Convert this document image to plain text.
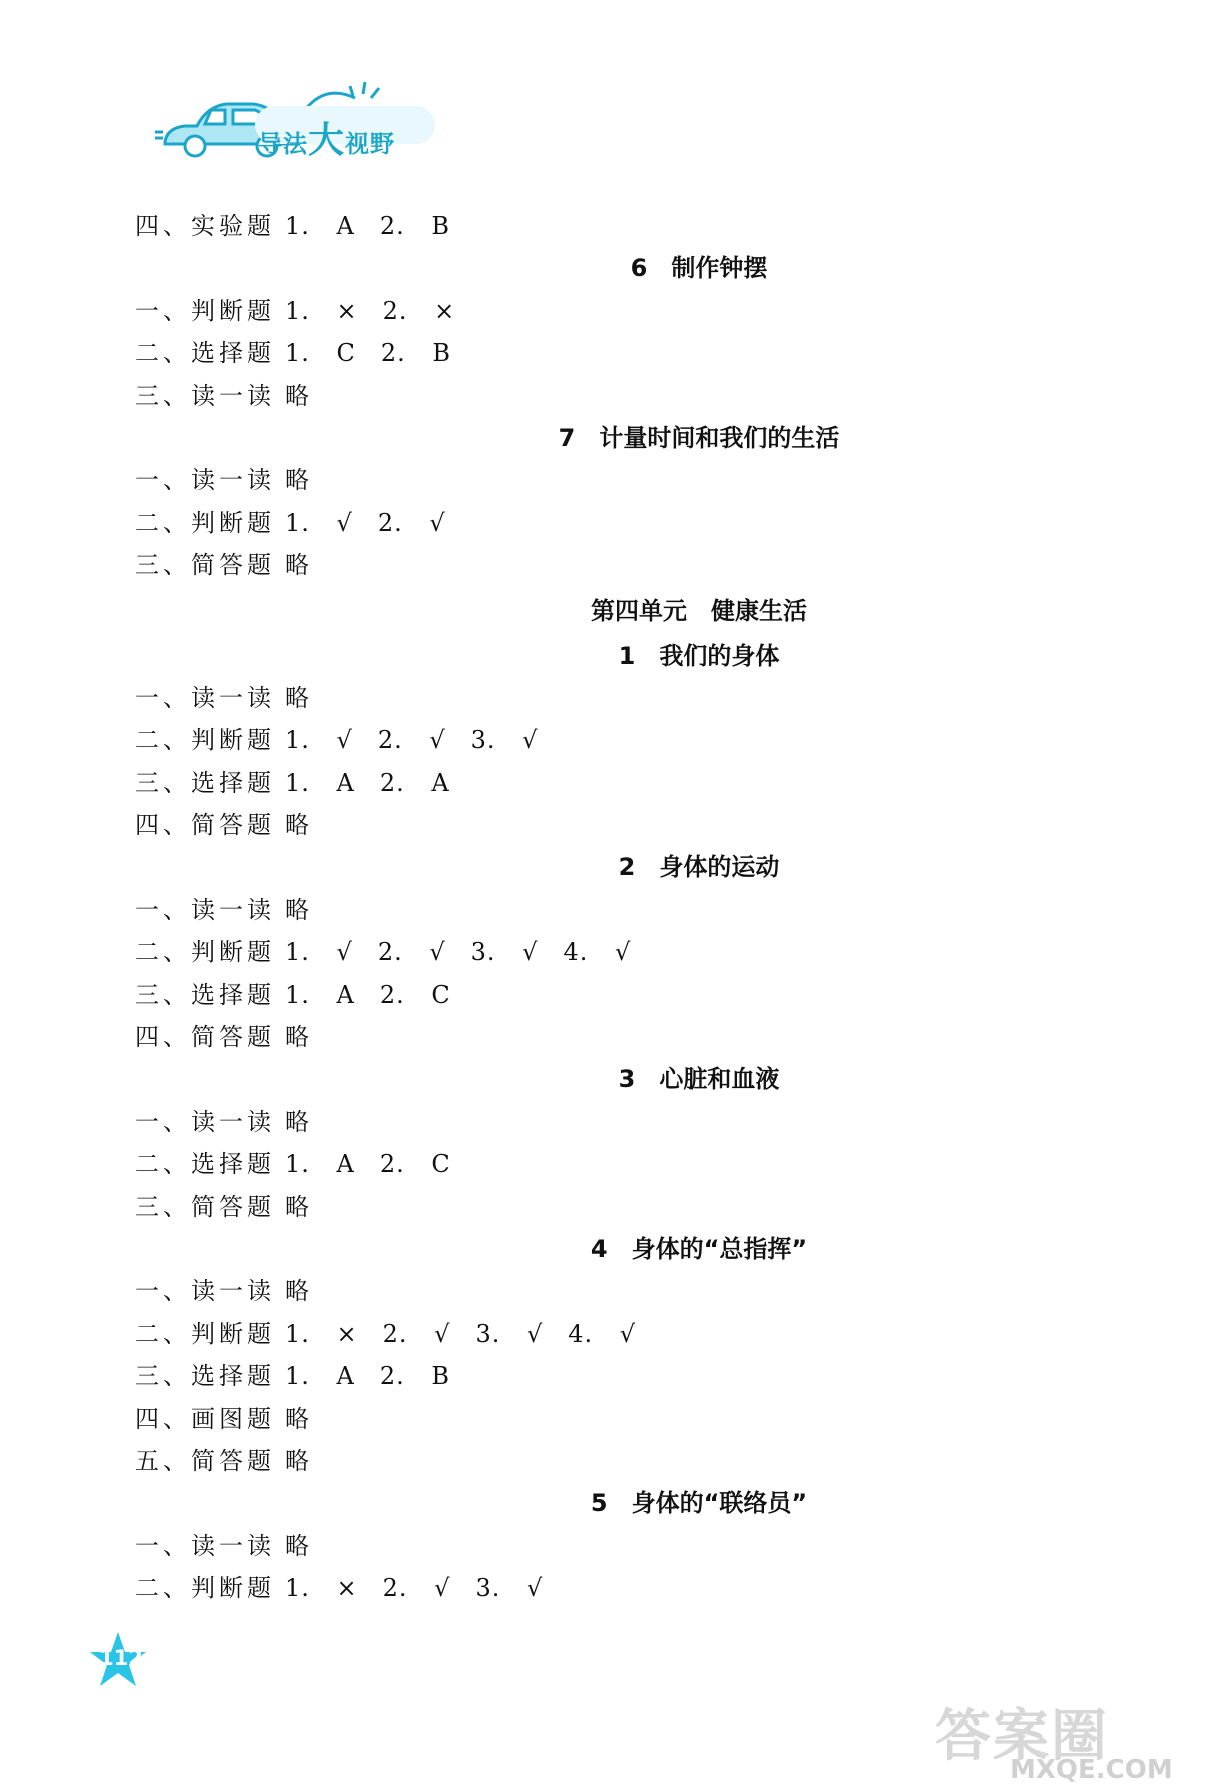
导法大视野
四、实验题 1. A　2. B
6　制作钟摆
一、判断题 1. ×　2. ×
二、选择题 1. C　2. B
三、读一读 略
7　计量时间和我们的生活
一、读一读 略
二、判断题 1. √　2. √
三、简答题 略
第四单元　健康生活
1　我们的身体
一、读一读 略
二、判断题 1. √　2. √　3. √
三、选择题 1. A　2. A
四、简答题 略
2　身体的运动
一、读一读 略
二、判断题 1. √　2. √　3. √　4. √
三、选择题 1. A　2. C
四、简答题 略
3　心脏和血液
一、读一读 略
二、选择题 1. A　2. C
三、简答题 略
4　身体的“总指挥”
一、读一读 略
二、判断题 1. ×　2. √　3. √　4. √
三、选择题 1. A　2. B
四、画图题 略
五、简答题 略
5　身体的“联络员”
一、读一读 略
二、判断题 1. ×　2. √　3. √
112
答案圈
MXQE.COM
